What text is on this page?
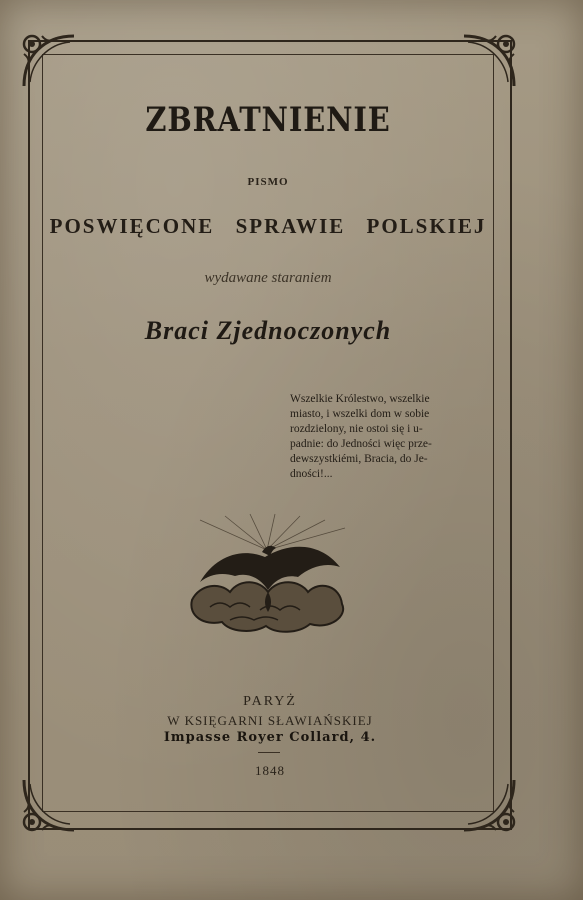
ZBRATNIENIE
PISMO
POSWIĘCONE SPRAWIE POLSKIEJ
wydawane staraniem
Braci Zjednoczonych
Wszelkie Królestwo, wszelkie
miasto, i wszelki dom w sobie
rozdzielony, nie ostoi się i u-
padnie: do Jedności więc prze-
dewszystkiémi, Bracia, do Je-
dności!...
PARYŻ
W KSIĘGARNI SŁAWIAŃSKIEJ
Impasse Royer Collard, 4.
1848
